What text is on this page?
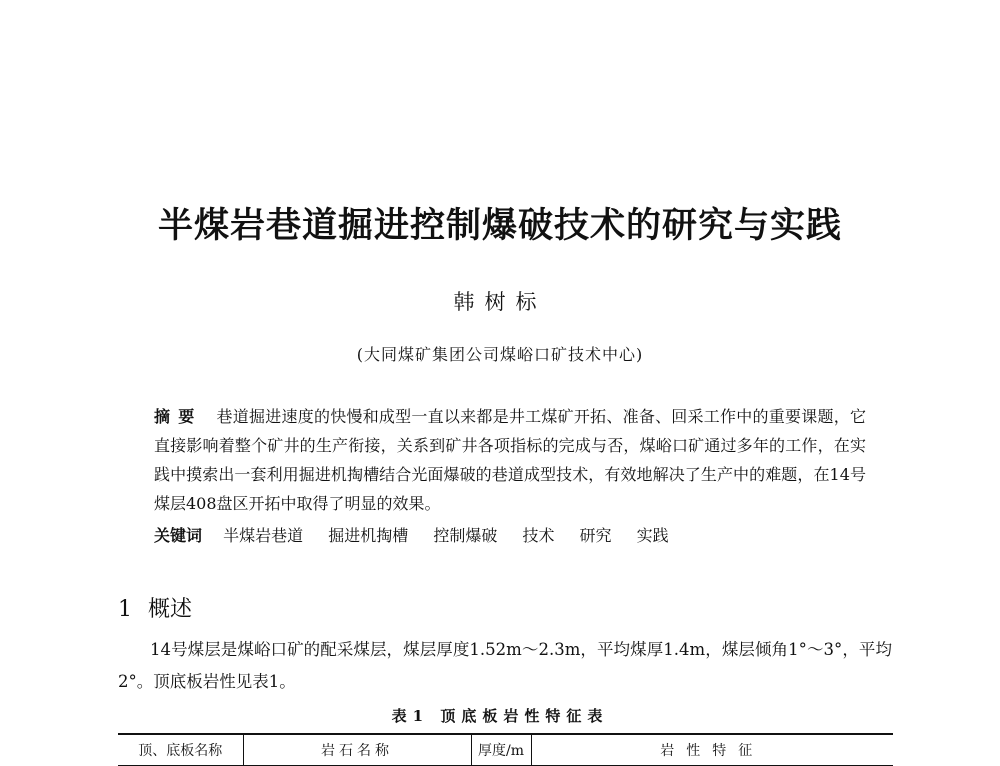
半煤岩巷道掘进控制爆破技术的研究与实践
韩树标
(大同煤矿集团公司煤峪口矿技术中心)
摘要 巷道掘进速度的快慢和成型一直以来都是井工煤矿开拓、准备、回采工作中的重要课题，它直接影响着整个矿井的生产衔接，关系到矿井各项指标的完成与否，煤峪口矿通过多年的工作，在实践中摸索出一套利用掘进机掏槽结合光面爆破的巷道成型技术，有效地解决了生产中的难题，在14号煤层408盘区开拓中取得了明显的效果。
关键词 半煤岩巷道 掘进机掏槽 控制爆破 技术 研究 实践
1 概述
14号煤层是煤峪口矿的配采煤层，煤层厚度1.52m～2.3m，平均煤厚1.4m，煤层倾角1°～3°，平均2°。顶底板岩性见表1。
表1 顶底板岩性特征表
顶、底板名称	岩石名称	厚度/m	岩性特征
